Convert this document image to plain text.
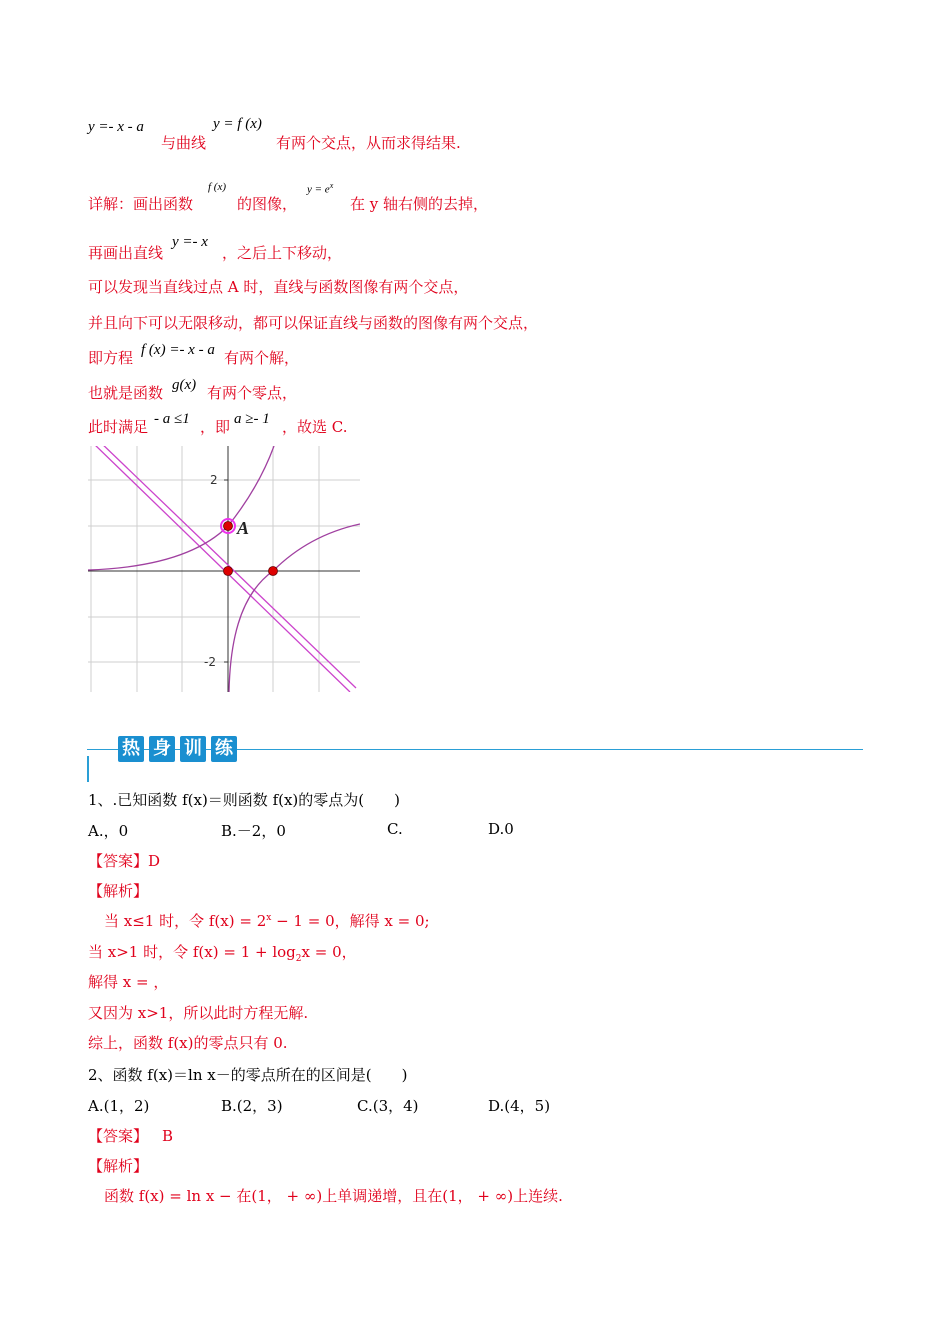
y =- x - a
与曲线
y = f (x)
有两个交点，从而求得结果.
详解：画出函数
f (x)
的图像，
$y = e^x$
在 y 轴右侧的去掉，
再画出直线
y =- x
，之后上下移动，
可以发现当直线过点 A 时，直线与函数图像有两个交点，
并且向下可以无限移动，都可以保证直线与函数的图像有两个交点，
即方程 f (x) =- x - a 有两个解，
也就是函数 g(x) 有两个零点，
此时满足 - a ≤1 ，即 a ≥- 1 ，故选 C.
2
-2
A
热 身 训 练
1、.已知函数 f(x)＝则函数 f(x)的零点为(　　)
A.，0	B.－2，0	C.	D.0
【答案】D
【解析】
当 x≤1 时，令 $f(x) = 2^x - 1 = 0$，解得 x = 0;
当 x>1 时，令 $f(x) = 1 + \log_2x = 0$，
解得 x = ，
又因为 x>1，所以此时方程无解.
综上，函数 f(x)的零点只有 0.
2、函数 f(x)＝ln x－的零点所在的区间是(　　)
A.(1，2)	B.(2，3)	C.(3，4)	D.(4，5)
【答案】 B
【解析】
函数 f(x) = ln x − 在(1， + ∞)上单调递增，且在(1， + ∞)上连续.
